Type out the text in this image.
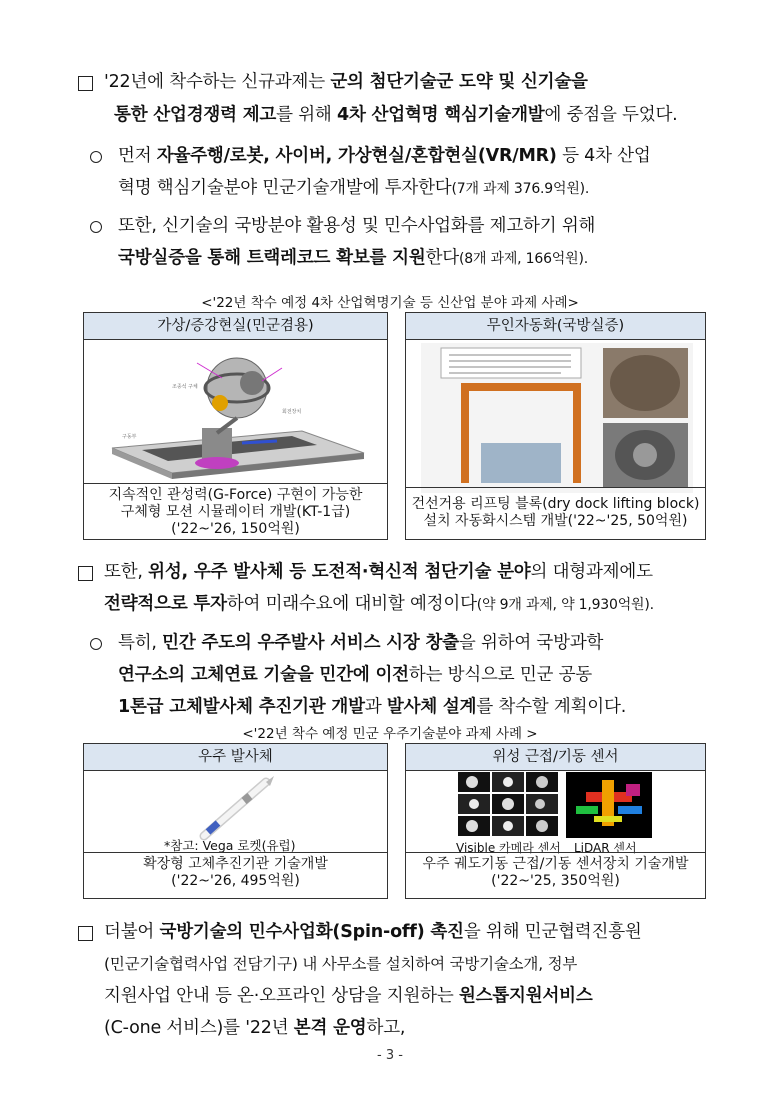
'22년에 착수하는 신규과제는 군의 첨단기술군 도약 및 신기술을
통한 산업경쟁력 제고를 위해 4차 산업혁명 핵심기술개발에 중점을 두었다.
먼저 자율주행/로봇, 사이버, 가상현실/혼합현실(VR/MR) 등 4차 산업
혁명 핵심기술분야 민군기술개발에 투자한다(7개 과제 376.9억원).
또한, 신기술의 국방분야 활용성 및 민수사업화를 제고하기 위해
국방실증을 통해 트랙레코드 확보를 지원한다(8개 과제, 166억원).
<'22년 착수 예정 4차 산업혁명기술 등 신산업 분야 과제 사례>
가상/증강현실(민군겸용)
조종석 구체
회전장치
구동부
지속적인 관성력(G-Force) 구현이 가능한
구체형 모션 시뮬레이터 개발(KT-1급)
('22~'26, 150억원)
무인자동화(국방실증)
건선거용 리프팅 블록(dry dock lifting block)
설치 자동화시스템 개발('22~'25, 50억원)
또한, 위성, 우주 발사체 등 도전적·혁신적 첨단기술 분야의 대형과제에도
전략적으로 투자하여 미래수요에 대비할 예정이다(약 9개 과제, 약 1,930억원).
특히, 민간 주도의 우주발사 서비스 시장 창출을 위하여 국방과학
연구소의 고체연료 기술을 민간에 이전하는 방식으로 민군 공동
1톤급 고체발사체 추진기관 개발과 발사체 설계를 착수할 계획이다.
<'22년 착수 예정 민군 우주기술분야 과제 사례 >
우주 발사체
*참고: Vega 로켓(유럽)
확장형 고체추진기관 기술개발
('22~'26, 495억원)
위성 근접/기동 센서
Visible 카메라 센서 LiDAR 센서
우주 궤도기동 근접/기동 센서장치 기술개발
('22~'25, 350억원)
더불어 국방기술의 민수사업화(Spin-off) 촉진을 위해 민군협력진흥원
(민군기술협력사업 전담기구) 내 사무소를 설치하여 국방기술소개, 정부
지원사업 안내 등 온·오프라인 상담을 지원하는 원스톱지원서비스
(C-one 서비스)를 '22년 본격 운영하고,
- 3 -
